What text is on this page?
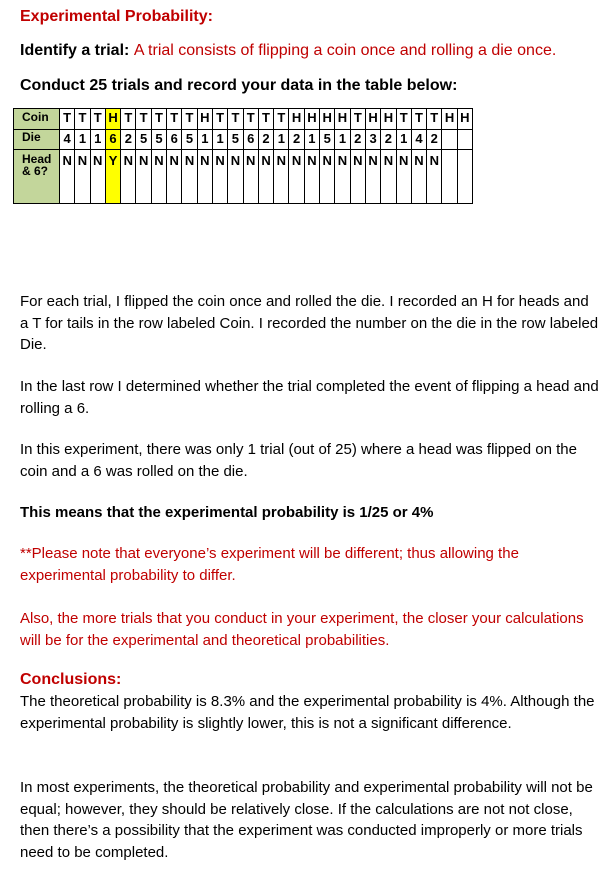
Experimental Probability:
Identify a trial: A trial consists of flipping a coin once and rolling a die once.
Conduct 25 trials and record your data in the table below:
Coin	T	T	T	H	T	T	T	T	T	H	T	T	T	T	T	H	H	H	H	T	H	H	T	T	T	H	H
Die	4	1	1	6	2	5	5	6	5	1	1	5	6	2	1	2	1	5	1	2	3	2	1	4	2		

Head & 6?	N	N	N	Y	N	N	N	N	N	N	N	N	N	N	N	N	N	N	N	N	N	N	N	N	N		
For each trial, I flipped the coin once and rolled the die. I recorded an H for heads and a T for tails in the row labeled Coin. I recorded the number on the die in the row labeled Die.
In the last row I determined whether the trial completed the event of flipping a head and rolling a 6.
In this experiment, there was only 1 trial (out of 25) where a head was flipped on the coin and a 6 was rolled on the die.
This means that the experimental probability is 1/25 or 4%
**Please note that everyone’s experiment will be different; thus allowing the experimental probability to differ.
Also, the more trials that you conduct in your experiment, the closer your calculations will be for the experimental and theoretical probabilities.
Conclusions:
The theoretical probability is 8.3% and the experimental probability is 4%. Although the experimental probability is slightly lower, this is not a significant difference.
In most experiments, the theoretical probability and experimental probability will not be equal; however, they should be relatively close. If the calculations are not not close, then there’s a possibility that the experiment was conducted improperly or more trials need to be completed.
